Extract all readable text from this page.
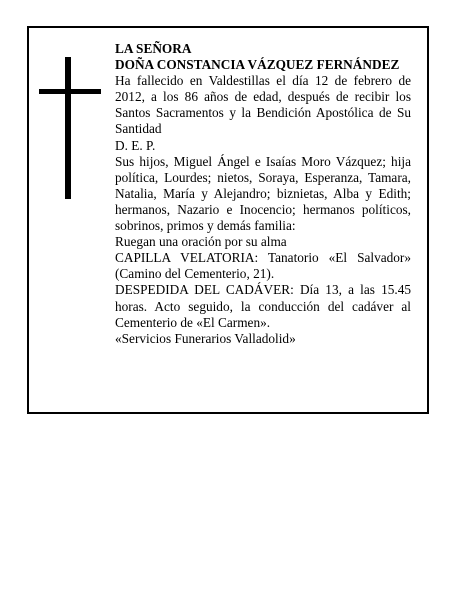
LA SEÑORA

DOÑA CONSTANCIA VÁZQUEZ FERNÁNDEZ

Ha fallecido en Valdestillas el día 12 de febrero de 2012, a los 86 años de edad, después de recibir los Santos Sacramentos y la Bendición Apostólica de Su Santidad

D. E. P.

Sus hijos, Miguel Ángel e Isaías Moro Vázquez; hija política, Lourdes; nietos, Soraya, Esperanza, Tamara, Natalia, María y Alejandro; biznietas, Alba y Edith; hermanos, Nazario e Inocencio; hermanos políticos, sobrinos, primos y demás familia:

Ruegan una oración por su alma

CAPILLA VELATORIA: Tanatorio «El Salvador» (Camino del Cementerio, 21).

DESPEDIDA DEL CADÁVER: Día 13, a las 15.45 horas. Acto seguido, la conducción del cadáver al Cementerio de «El Carmen».

«Servicios Funerarios Valladolid»
